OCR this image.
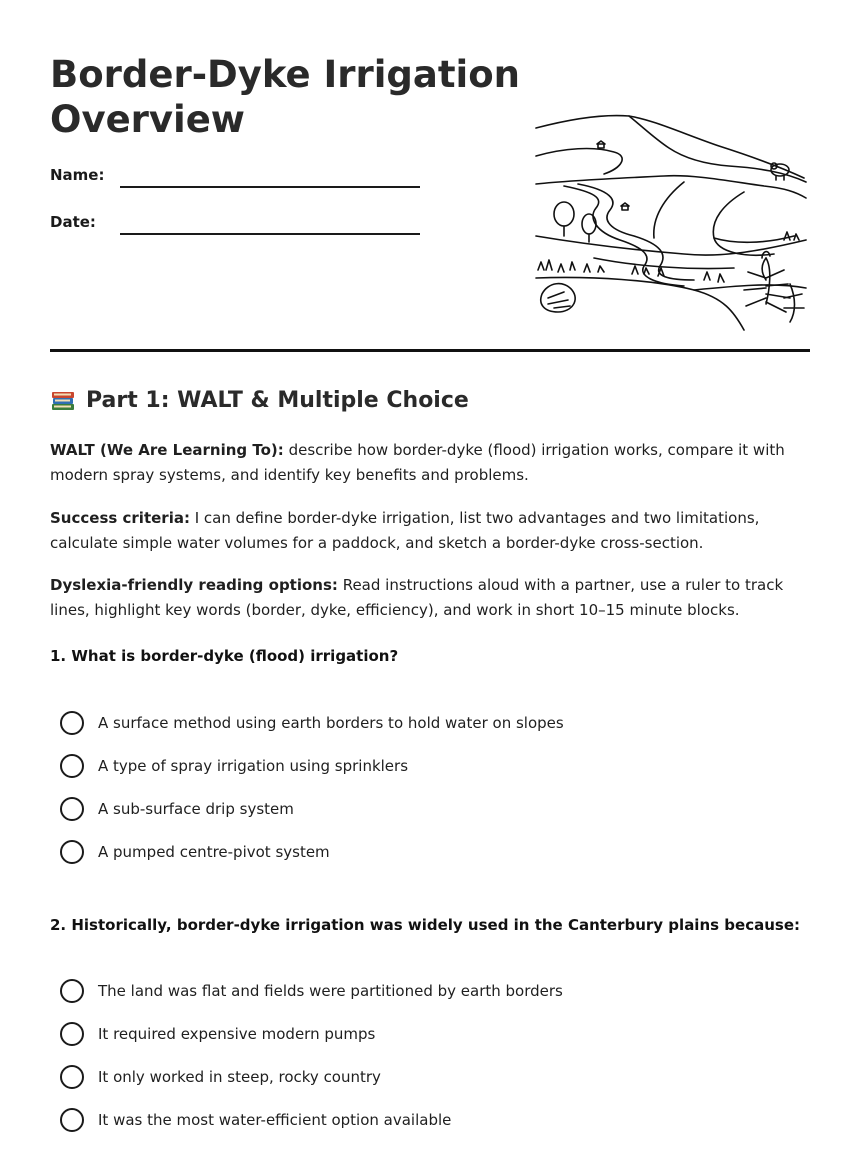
Border-Dyke Irrigation
Overview
Name:
Date:
Part 1: WALT & Multiple Choice
WALT (We Are Learning To): describe how border-dyke (flood) irrigation works, compare it with modern spray systems, and identify key benefits and problems.
Success criteria: I can define border-dyke irrigation, list two advantages and two limitations, calculate simple water volumes for a paddock, and sketch a border-dyke cross-section.
Dyslexia-friendly reading options: Read instructions aloud with a partner, use a ruler to track lines, highlight key words (border, dyke, efficiency), and work in short 10–15 minute blocks.
1. What is border-dyke (flood) irrigation?
A surface method using earth borders to hold water on slopes
A type of spray irrigation using sprinklers
A sub-surface drip system
A pumped centre-pivot system
2. Historically, border-dyke irrigation was widely used in the Canterbury plains because:
The land was flat and fields were partitioned by earth borders
It required expensive modern pumps
It only worked in steep, rocky country
It was the most water-efficient option available
